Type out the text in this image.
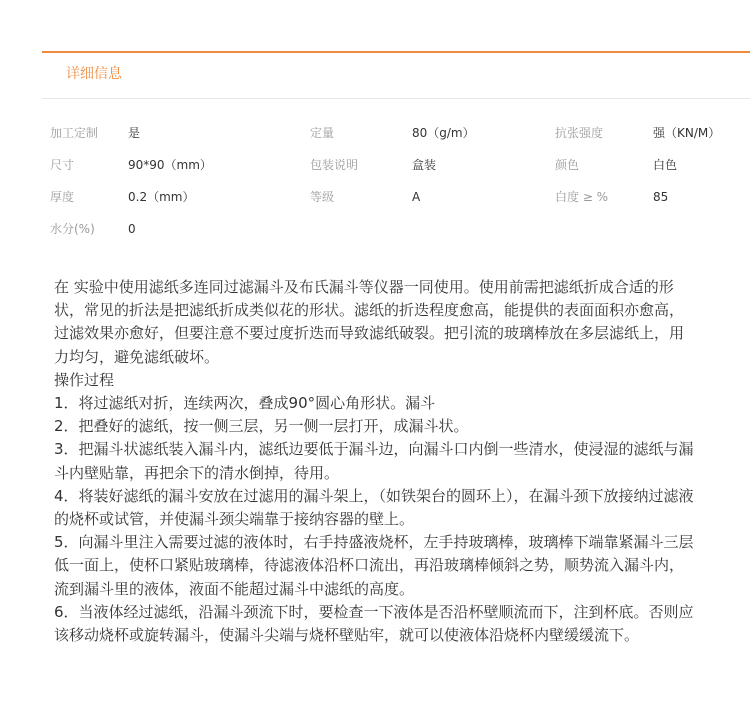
详细信息
加工定制 是	定量	80（g/m）	抗张强度	强（KN/M）
尺寸	90*90（mm）	包装说明	盒装	颜色	白色
厚度	0.2（mm）	等级	A	白度 ≥ %	85
水分(%)	0

在 实验中使用滤纸多连同过滤漏斗及布氏漏斗等仪器一同使用。使用前需把滤纸折成合适的形状，常见的折法是把滤纸折成类似花的形状。滤纸的折迭程度愈高，能提供的表面面积亦愈高，过滤效果亦愈好，但要注意不要过度折迭而导致滤纸破裂。把引流的玻璃棒放在多层滤纸上，用力均匀，避免滤纸破坏。

操作过程

1．将过滤纸对折，连续两次，叠成90°圆心角形状。漏斗

2．把叠好的滤纸，按一侧三层，另一侧一层打开，成漏斗状。

3．把漏斗状滤纸装入漏斗内，滤纸边要低于漏斗边，向漏斗口内倒一些清水，使浸湿的滤纸与漏斗内壁贴靠，再把余下的清水倒掉，待用。

4．将装好滤纸的漏斗安放在过滤用的漏斗架上，（如铁架台的圆环上），在漏斗颈下放接纳过滤液的烧杯或试管，并使漏斗颈尖端靠于接纳容器的壁上。

5．向漏斗里注入需要过滤的液体时，右手持盛液烧杯，左手持玻璃棒，玻璃棒下端靠紧漏斗三层低一面上，使杯口紧贴玻璃棒，待滤液体沿杯口流出，再沿玻璃棒倾斜之势，顺势流入漏斗内，流到漏斗里的液体，液面不能超过漏斗中滤纸的高度。

6．当液体经过滤纸，沿漏斗颈流下时，要检查一下液体是否沿杯壁顺流而下，注到杯底。否则应该移动烧杯或旋转漏斗，使漏斗尖端与烧杯壁贴牢，就可以使液体沿烧杯内壁缓缓流下。
